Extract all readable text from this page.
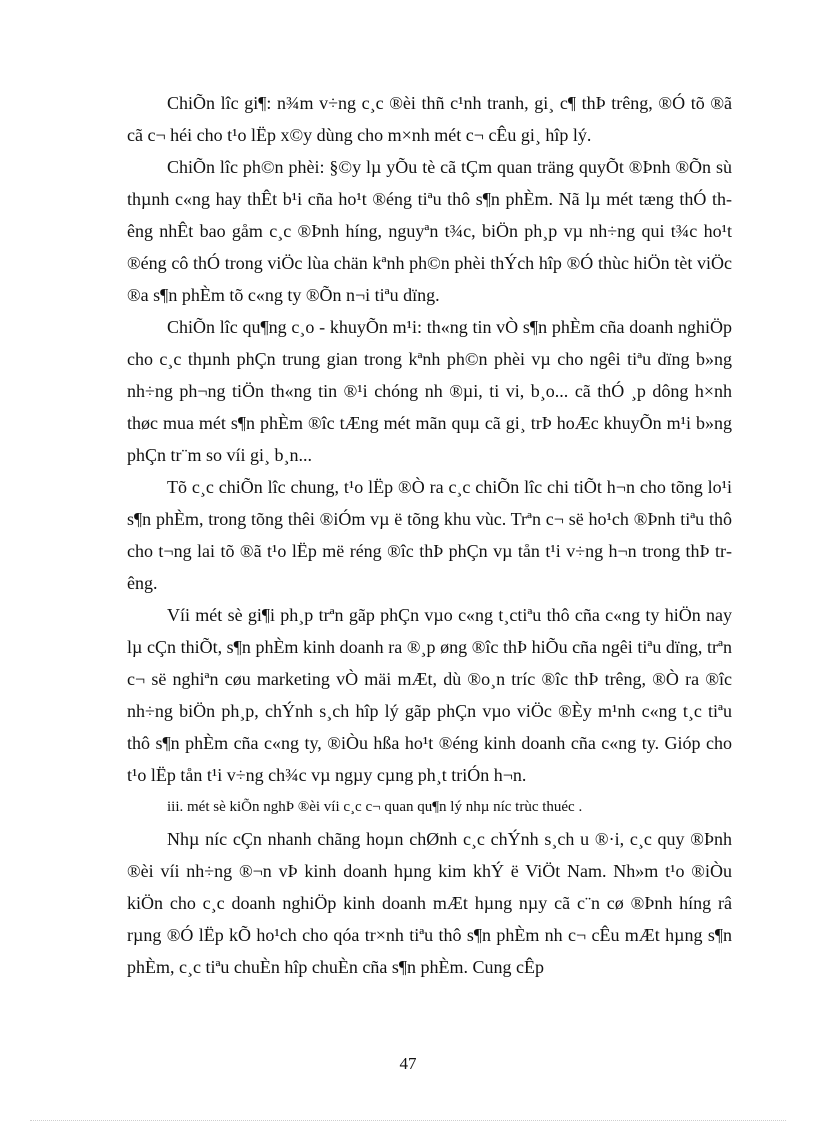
ChiÕn lîc gi¶: n¾m v÷ng c¸c ®èi thñ c¹nh tranh, gi¸ c¶ thÞ trêng, ®Ó tõ ®ã cã c¬ héi cho t¹o lËp x©y dùng cho m×nh mét c¬ cÊu gi¸ hîp lý.

ChiÕn lîc ph©n phèi: §©y lµ yÕu tè cã tÇm quan träng quyÕt ®Þnh ®Õn sù thµnh c«ng hay thÊt b¹i cña ho¹t ®éng tiªu thô s¶n phÈm. Nã lµ mét tæng thÓ thêng nhÊt bao gåm c¸c ®Þnh híng, nguyªn t¾c, biÖn ph¸p vµ nh÷ng qui t¾c ho¹t ®éng cô thÓ trong viÖc lùa chän kªnh ph©n phèi thÝch hîp ®Ó thùc hiÖn tèt viÖc ®a s¶n phÈm tõ c«ng ty ®Õn n¬i tiªu dïng.

ChiÕn lîc qu¶ng c¸o - khuyÕn m¹i: th«ng tin vÒ s¶n phÈm cña doanh nghiÖp cho c¸c thµnh phÇn trung gian trong kªnh ph©n phèi vµ cho ngêi tiªu dïng b»ng nh÷ng ph¬ng tiÖn th«ng tin ®¹i chóng nh ®µi, ti vi, b¸o... cã thÓ ¸p dông h×nh thøc mua mét s¶n phÈm ®îc tÆng mét mãn quµ cã gi¸ trÞ hoÆc khuyÕn m¹i b»ng phÇn tr¨m so víi gi¸ b¸n...

Tõ c¸c chiÕn lîc chung, t¹o lËp ®Ò ra c¸c chiÕn lîc chi tiÕt h¬n cho tõng lo¹i s¶n phÈm, trong tõng thêi ®iÓm vµ ë tõng khu vùc. Trªn c¬ së ho¹ch ®Þnh tiªu thô cho t¬ng lai tõ ®ã t¹o lËp më réng ®îc thÞ phÇn vµ tån t¹i v÷ng h¬n trong thÞ trêng.

Víi mét sè gi¶i ph¸p trªn gãp phÇn vµo c«ng t¸ctiªu thô cña c«ng ty hiÖn nay lµ cÇn thiÕt, s¶n phÈm kinh doanh ra ®¸p øng ®îc thÞ hiÕu cña ngêi tiªu dïng, trªn c¬ së nghiªn cøu marketing vÒ mäi mÆt, dù ®o¸n tríc ®îc thÞ trêng, ®Ò ra ®îc nh÷ng biÖn ph¸p, chÝnh s¸ch hîp lý gãp phÇn vµo viÖc ®Èy m¹nh c«ng t¸c tiªu thô s¶n phÈm cña c«ng ty, ®iÒu hßa ho¹t ®éng kinh doanh cña c«ng ty. Gióp cho t¹o lËp tån t¹i v÷ng ch¾c vµ ngµy cµng ph¸t triÓn h¬n.

iii. mét sè kiÕn nghÞ ®èi víi c¸c c¬ quan qu¶n lý nhµ níc trùc thuéc .

Nhµ níc cÇn nhanh chãng hoµn chØnh c¸c chÝnh s¸ch u ®·i, c¸c quy ®Þnh ®èi víi nh÷ng ®¬n vÞ kinh doanh hµng kim khÝ ë ViÖt Nam. Nh»m t¹o ®iÒu kiÖn cho c¸c doanh nghiÖp kinh doanh mÆt hµng nµy cã c¨n cø ®Þnh híng râ rµng ®Ó lËp kÕ ho¹ch cho qóa tr×nh tiªu thô s¶n phÈm nh c¬ cÊu mÆt hµng s¶n phÈm, c¸c tiªu chuÈn hîp chuÈn cña s¶n phÈm. Cung cÊp

47
